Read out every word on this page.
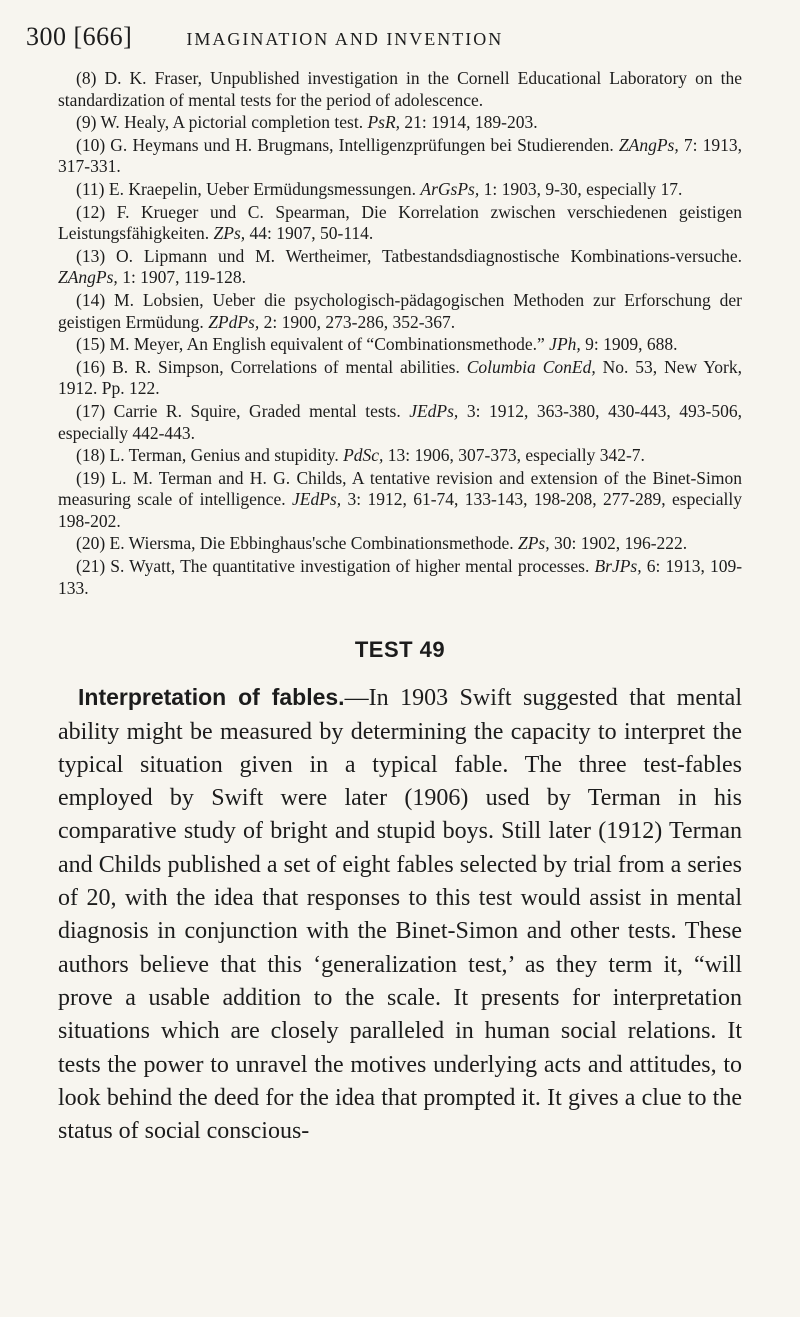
300 [666]	IMAGINATION AND INVENTION

(8) D. K. Fraser, Unpublished investigation in the Cornell Educational Laboratory on the standardization of mental tests for the period of adolescence.

(9) W. Healy, A pictorial completion test. PsR, 21: 1914, 189-203.

(10) G. Heymans und H. Brugmans, Intelligenzprüfungen bei Studierenden. ZAngPs, 7: 1913, 317-331.

(11) E. Kraepelin, Ueber Ermüdungsmessungen. ArGsPs, 1: 1903, 9-30, especially 17.

(12) F. Krueger und C. Spearman, Die Korrelation zwischen verschiedenen geistigen Leistungsfähigkeiten. ZPs, 44: 1907, 50-114.

(13) O. Lipmann und M. Wertheimer, Tatbestandsdiagnostische Kombinations-versuche. ZAngPs, 1: 1907, 119-128.

(14) M. Lobsien, Ueber die psychologisch-pädagogischen Methoden zur Erforschung der geistigen Ermüdung. ZPdPs, 2: 1900, 273-286, 352-367.

(15) M. Meyer, An English equivalent of “Combinationsmethode.” JPh, 9: 1909, 688.

(16) B. R. Simpson, Correlations of mental abilities. Columbia ConEd, No. 53, New York, 1912. Pp. 122.

(17) Carrie R. Squire, Graded mental tests. JEdPs, 3: 1912, 363-380, 430-443, 493-506, especially 442-443.

(18) L. Terman, Genius and stupidity. PdSc, 13: 1906, 307-373, especially 342-7.

(19) L. M. Terman and H. G. Childs, A tentative revision and extension of the Binet-Simon measuring scale of intelligence. JEdPs, 3: 1912, 61-74, 133-143, 198-208, 277-289, especially 198-202.

(20) E. Wiersma, Die Ebbinghaus'sche Combinationsmethode. ZPs, 30: 1902, 196-222.

(21) S. Wyatt, The quantitative investigation of higher mental processes. BrJPs, 6: 1913, 109-133.

TEST 49

Interpretation of fables.—In 1903 Swift suggested that mental ability might be measured by determining the capacity to interpret the typical situation given in a typical fable. The three test-fables employed by Swift were later (1906) used by Terman in his comparative study of bright and stupid boys. Still later (1912) Terman and Childs published a set of eight fables selected by trial from a series of 20, with the idea that responses to this test would assist in mental diagnosis in conjunction with the Binet-Simon and other tests. These authors believe that this ‘generalization test,’ as they term it, “will prove a usable addition to the scale. It presents for interpretation situations which are closely paralleled in human social relations. It tests the power to unravel the motives underlying acts and attitudes, to look behind the deed for the idea that prompted it. It gives a clue to the status of social conscious-
